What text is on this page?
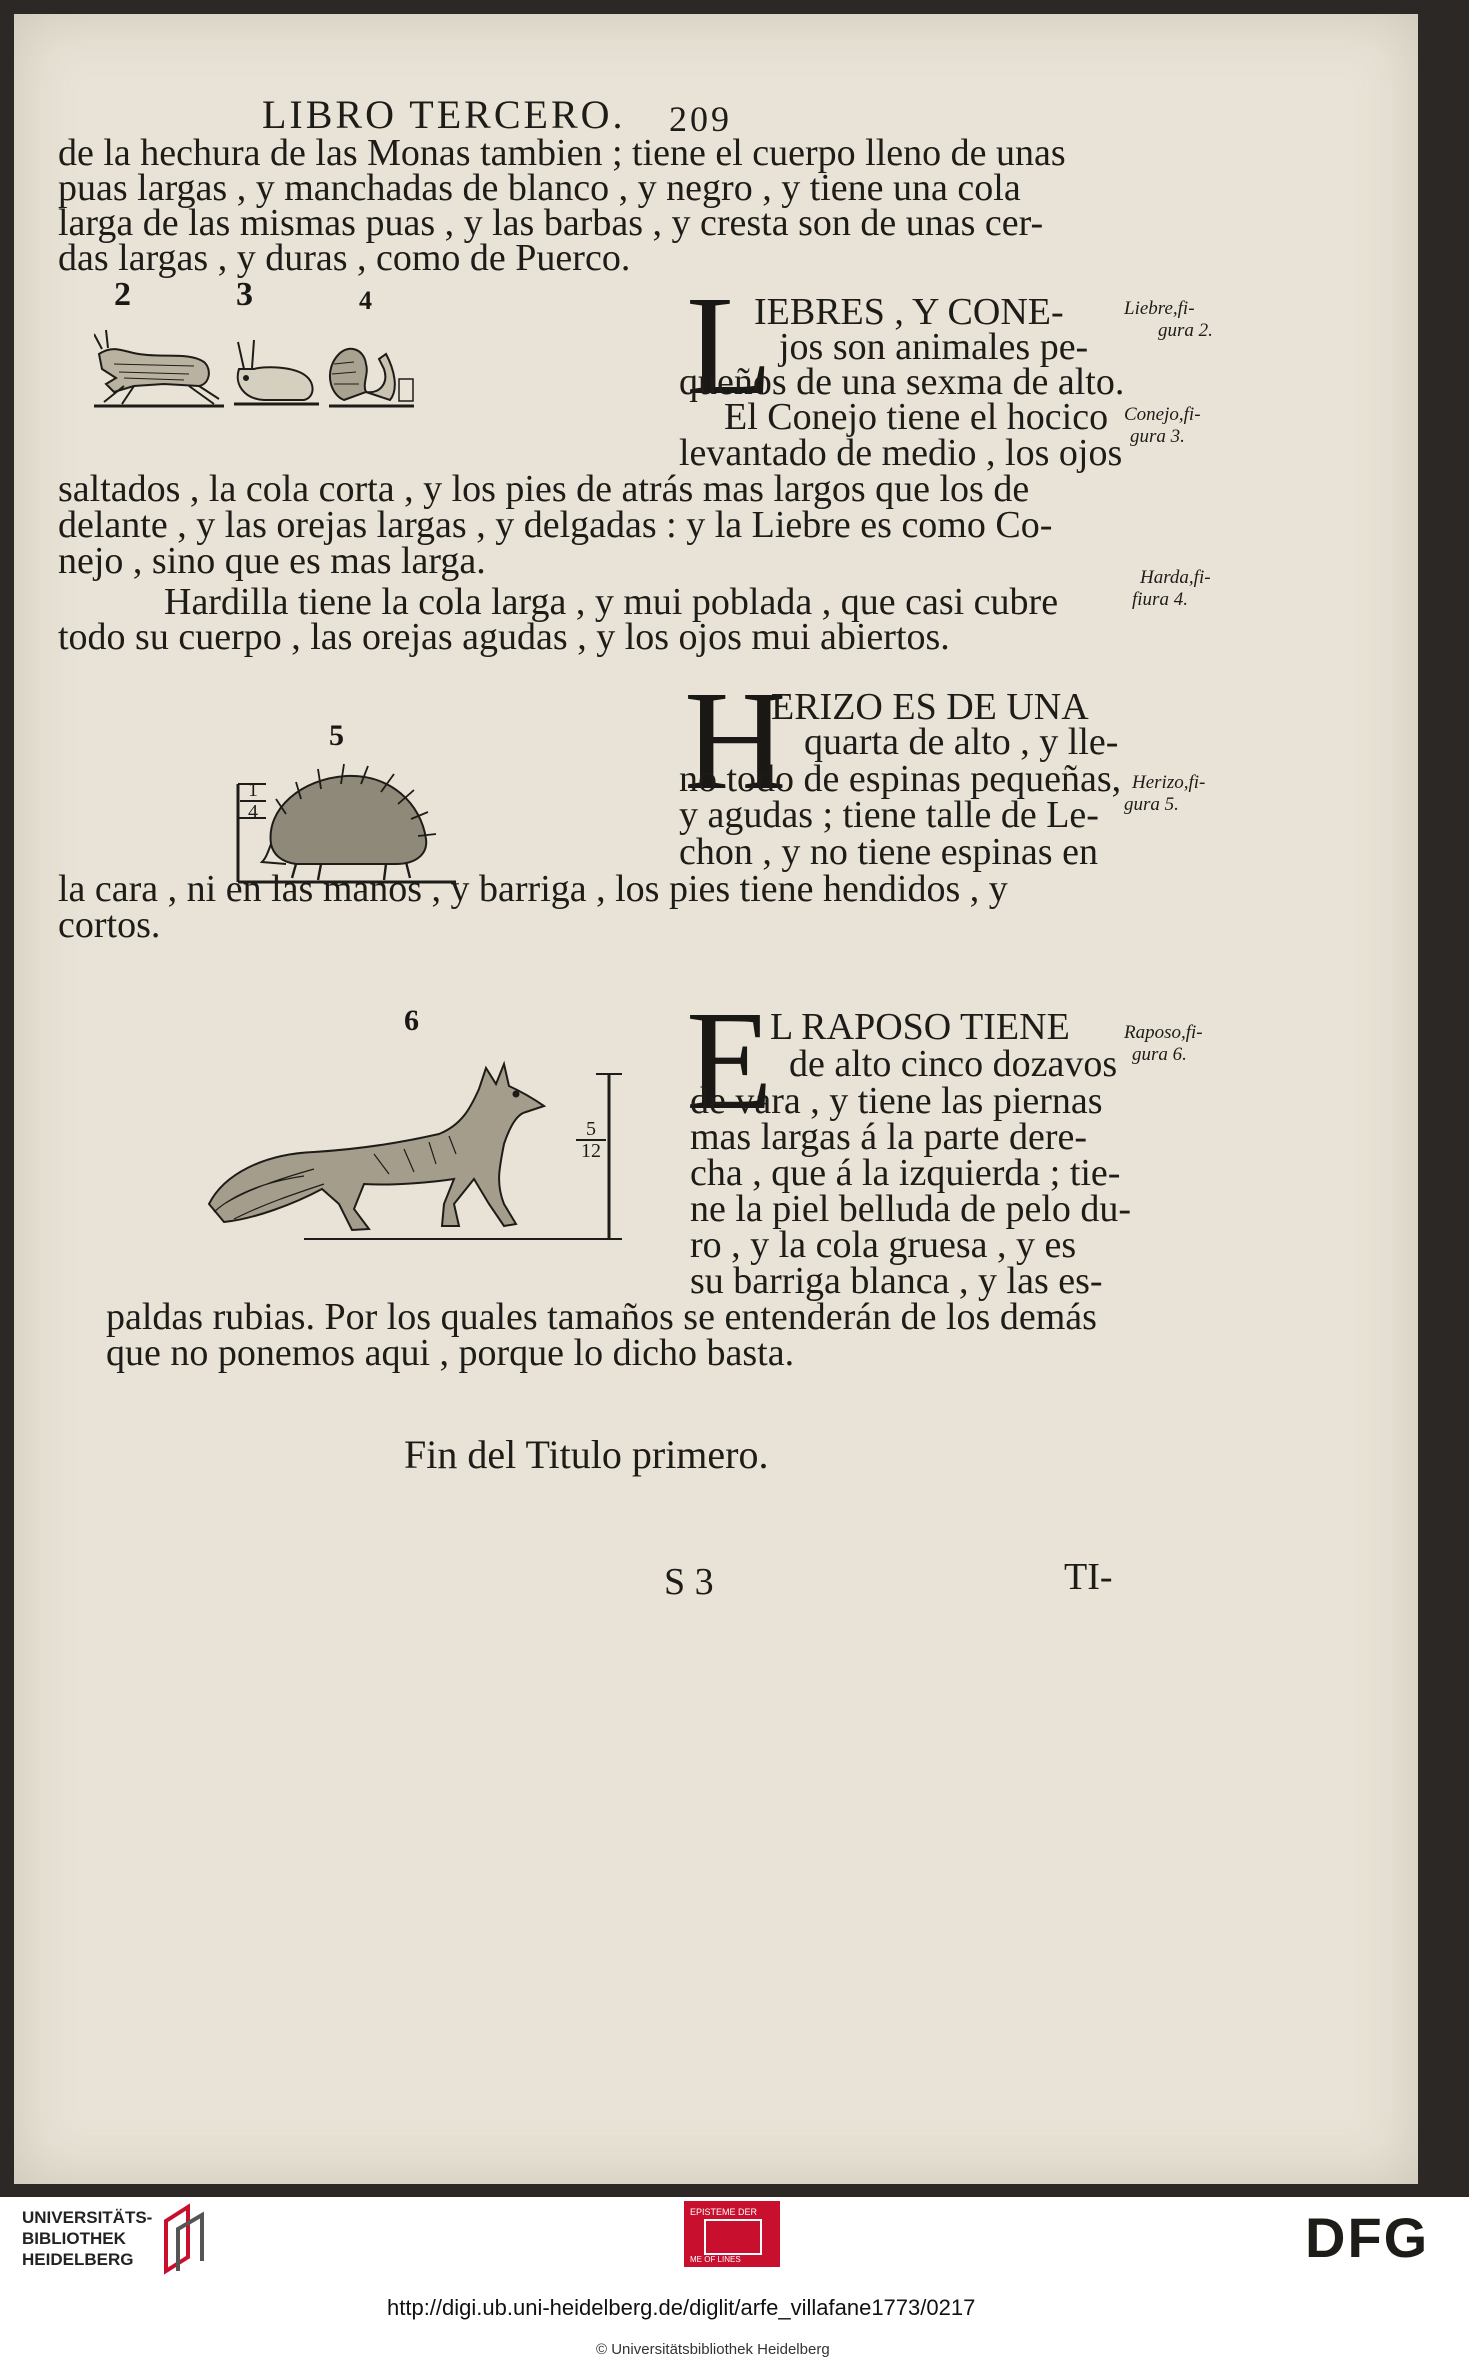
LIBRO TERCERO. 209
de la hechura de las Monas tambien ; tiene el cuerpo lleno de unas
puas largas , y manchadas de blanco , y negro , y tiene una cola
larga de las mismas puas , y las barbas , y cresta son de unas cer-
das largas , y duras , como de Puerco.
2	3	4 L
IEBRES , Y CONE-
jos son animales pe-
queños de una sexma de alto.
El Conejo tiene el hocico
levantado de medio , los ojos
saltados , la cola corta , y los pies de atrás mas largos que los de
delante , y las orejas largas , y delgadas : y la Liebre es como Co-
nejo , sino que es mas larga.
Hardilla tiene la cola larga , y mui poblada , que casi cubre
todo su cuerpo , las orejas agudas , y los ojos mui abiertos.
Liebre,fi-
gura 2.
Conejo,fi-
gura 3.
Harda,fi-
fiura 4.
Herizo,fi-
gura 5.
Raposo,fi-
gura 6.
5
1
4	H
ERIZO ES DE UNA
quarta de alto , y lle-
no todo de espinas pequeñas,
y agudas ; tiene talle de Le-
chon , y no tiene espinas en
la cara , ni en las manos , y barriga , los pies tiene hendidos , y
cortos.
6
5
12
E
L RAPOSO TIENE
de alto cinco dozavos
de vara , y tiene las piernas
mas largas á la parte dere-
cha , que á la izquierda ; tie-
ne la piel belluda de pelo du-
ro , y la cola gruesa , y es
su barriga blanca , y las es-
paldas rubias. Por los quales tamaños se entenderán de los demás
que no ponemos aqui , porque lo dicho basta.
Fin del Titulo primero.
S 3	TI-
UNIVERSITÄTS-
BIBLIOTHEK
HEIDELBERG
EPISTEME DER
ME OF LINES	DFG
http://digi.ub.uni-heidelberg.de/diglit/arfe_villafane1773/0217
© Universitätsbibliothek Heidelberg
